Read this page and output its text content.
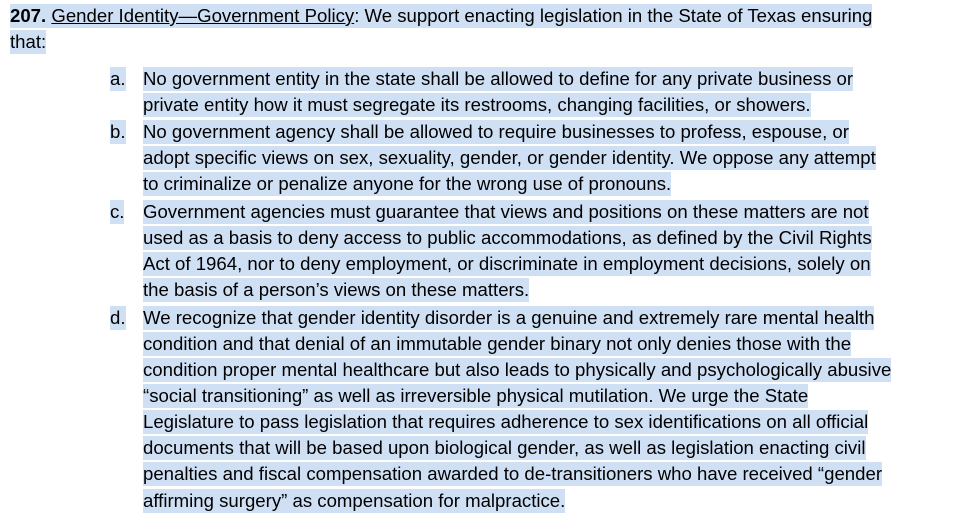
207. Gender Identity—Government Policy: We support enacting legislation in the State of Texas ensuring
that:
a. No government entity in the state shall be allowed to define for any private business or
private entity how it must segregate its restrooms, changing facilities, or showers.
b. No government agency shall be allowed to require businesses to profess, espouse, or
adopt specific views on sex, sexuality, gender, or gender identity. We oppose any attempt
to criminalize or penalize anyone for the wrong use of pronouns.
c. Government agencies must guarantee that views and positions on these matters are not
used as a basis to deny access to public accommodations, as defined by the Civil Rights
Act of 1964, nor to deny employment, or discriminate in employment decisions, solely on
the basis of a person’s views on these matters.
d. We recognize that gender identity disorder is a genuine and extremely rare mental health
condition and that denial of an immutable gender binary not only denies those with the
condition proper mental healthcare but also leads to physically and psychologically abusive
“social transitioning” as well as irreversible physical mutilation. We urge the State
Legislature to pass legislation that requires adherence to sex identifications on all official
documents that will be based upon biological gender, as well as legislation enacting civil
penalties and fiscal compensation awarded to de-transitioners who have received “gender
affirming surgery” as compensation for malpractice.
